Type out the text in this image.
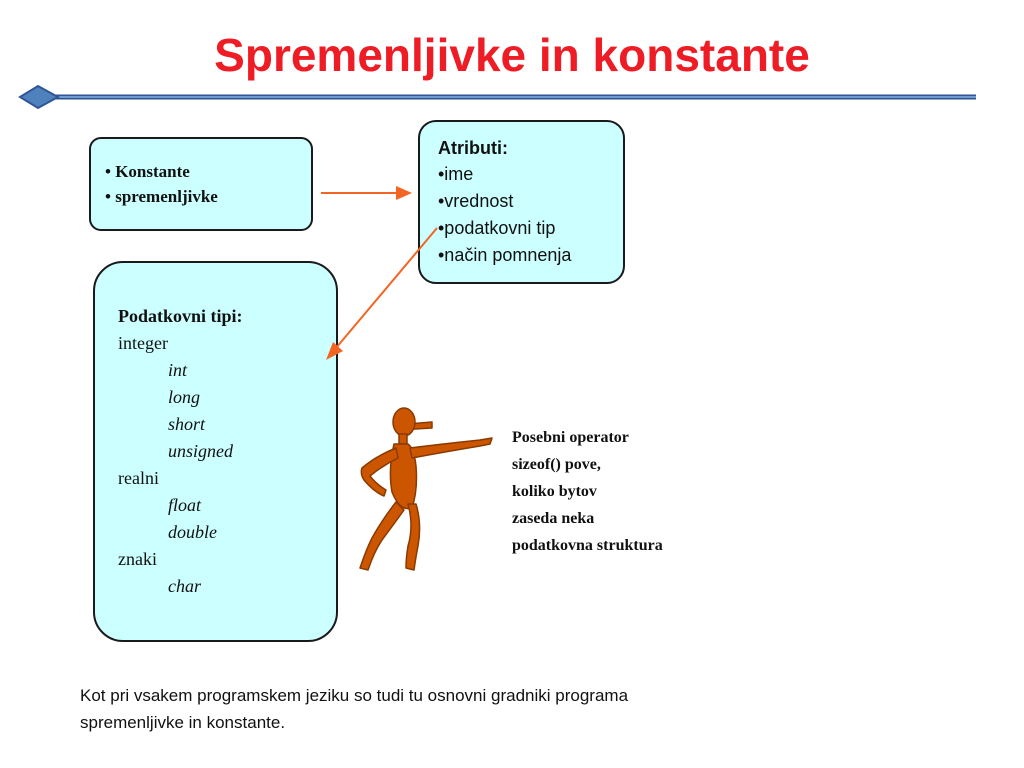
Spremenljivke in konstante
• Konstante
• spremenljivke
Atributi:
•ime
•vrednost
•podatkovni tip
•način pomnenja
Podatkovni tipi:
integer
int
long
short
unsigned
realni
float
double
znaki
char
Posebni operator
sizeof() pove,
koliko bytov
zaseda neka
podatkovna struktura
Kot pri vsakem programskem jeziku so tudi tu osnovni gradniki programa
spremenljivke in konstante.
